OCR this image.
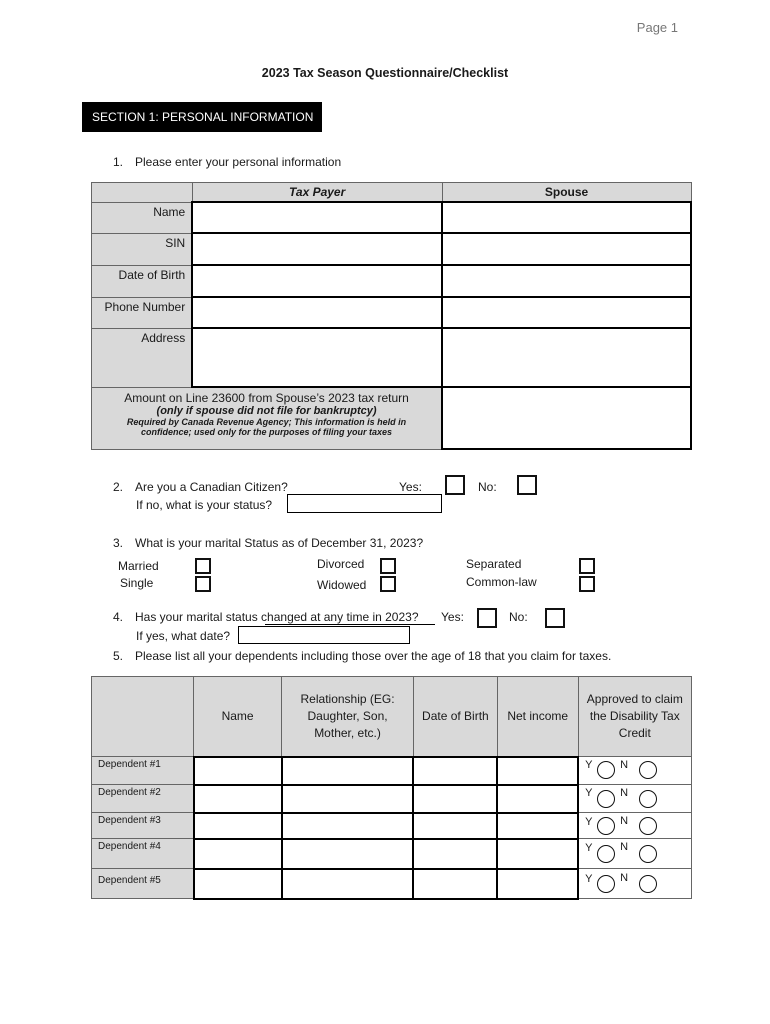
Page 1
2023 Tax Season Questionnaire/Checklist
SECTION 1: PERSONAL INFORMATION
1. Please enter your personal information
	Tax Payer	Spouse
Name		
SIN		
Date of Birth		
Phone Number		
Address		

Amount on Line 23600 from Spouse’s 2023 tax return
(only if spouse did not file for bankruptcy)
Required by Canada Revenue Agency; This information is held in
confidence; used only for the purposes of filing your taxes		

2. Are you a Canadian Citizen?	Yes:	No:
If no, what is your status?
3. What is your marital Status as of December 31, 2023?
Married
Single
Divorced
Widowed
Separated
Common-law
4. Has your marital status changed at any time in 2023? Yes:	No:
If yes, what date?
5. Please list all your dependents including those over the age of 18 that you claim for taxes.
	Name	Relationship (EG: Daughter, Son, Mother, etc.)	Date of Birth	Net income	Approved to claim the Disability Tax Credit
Dependent #1					Y N

Dependent #2					Y N

Dependent #3					Y N

Dependent #4					Y N

Dependent #5					Y N
